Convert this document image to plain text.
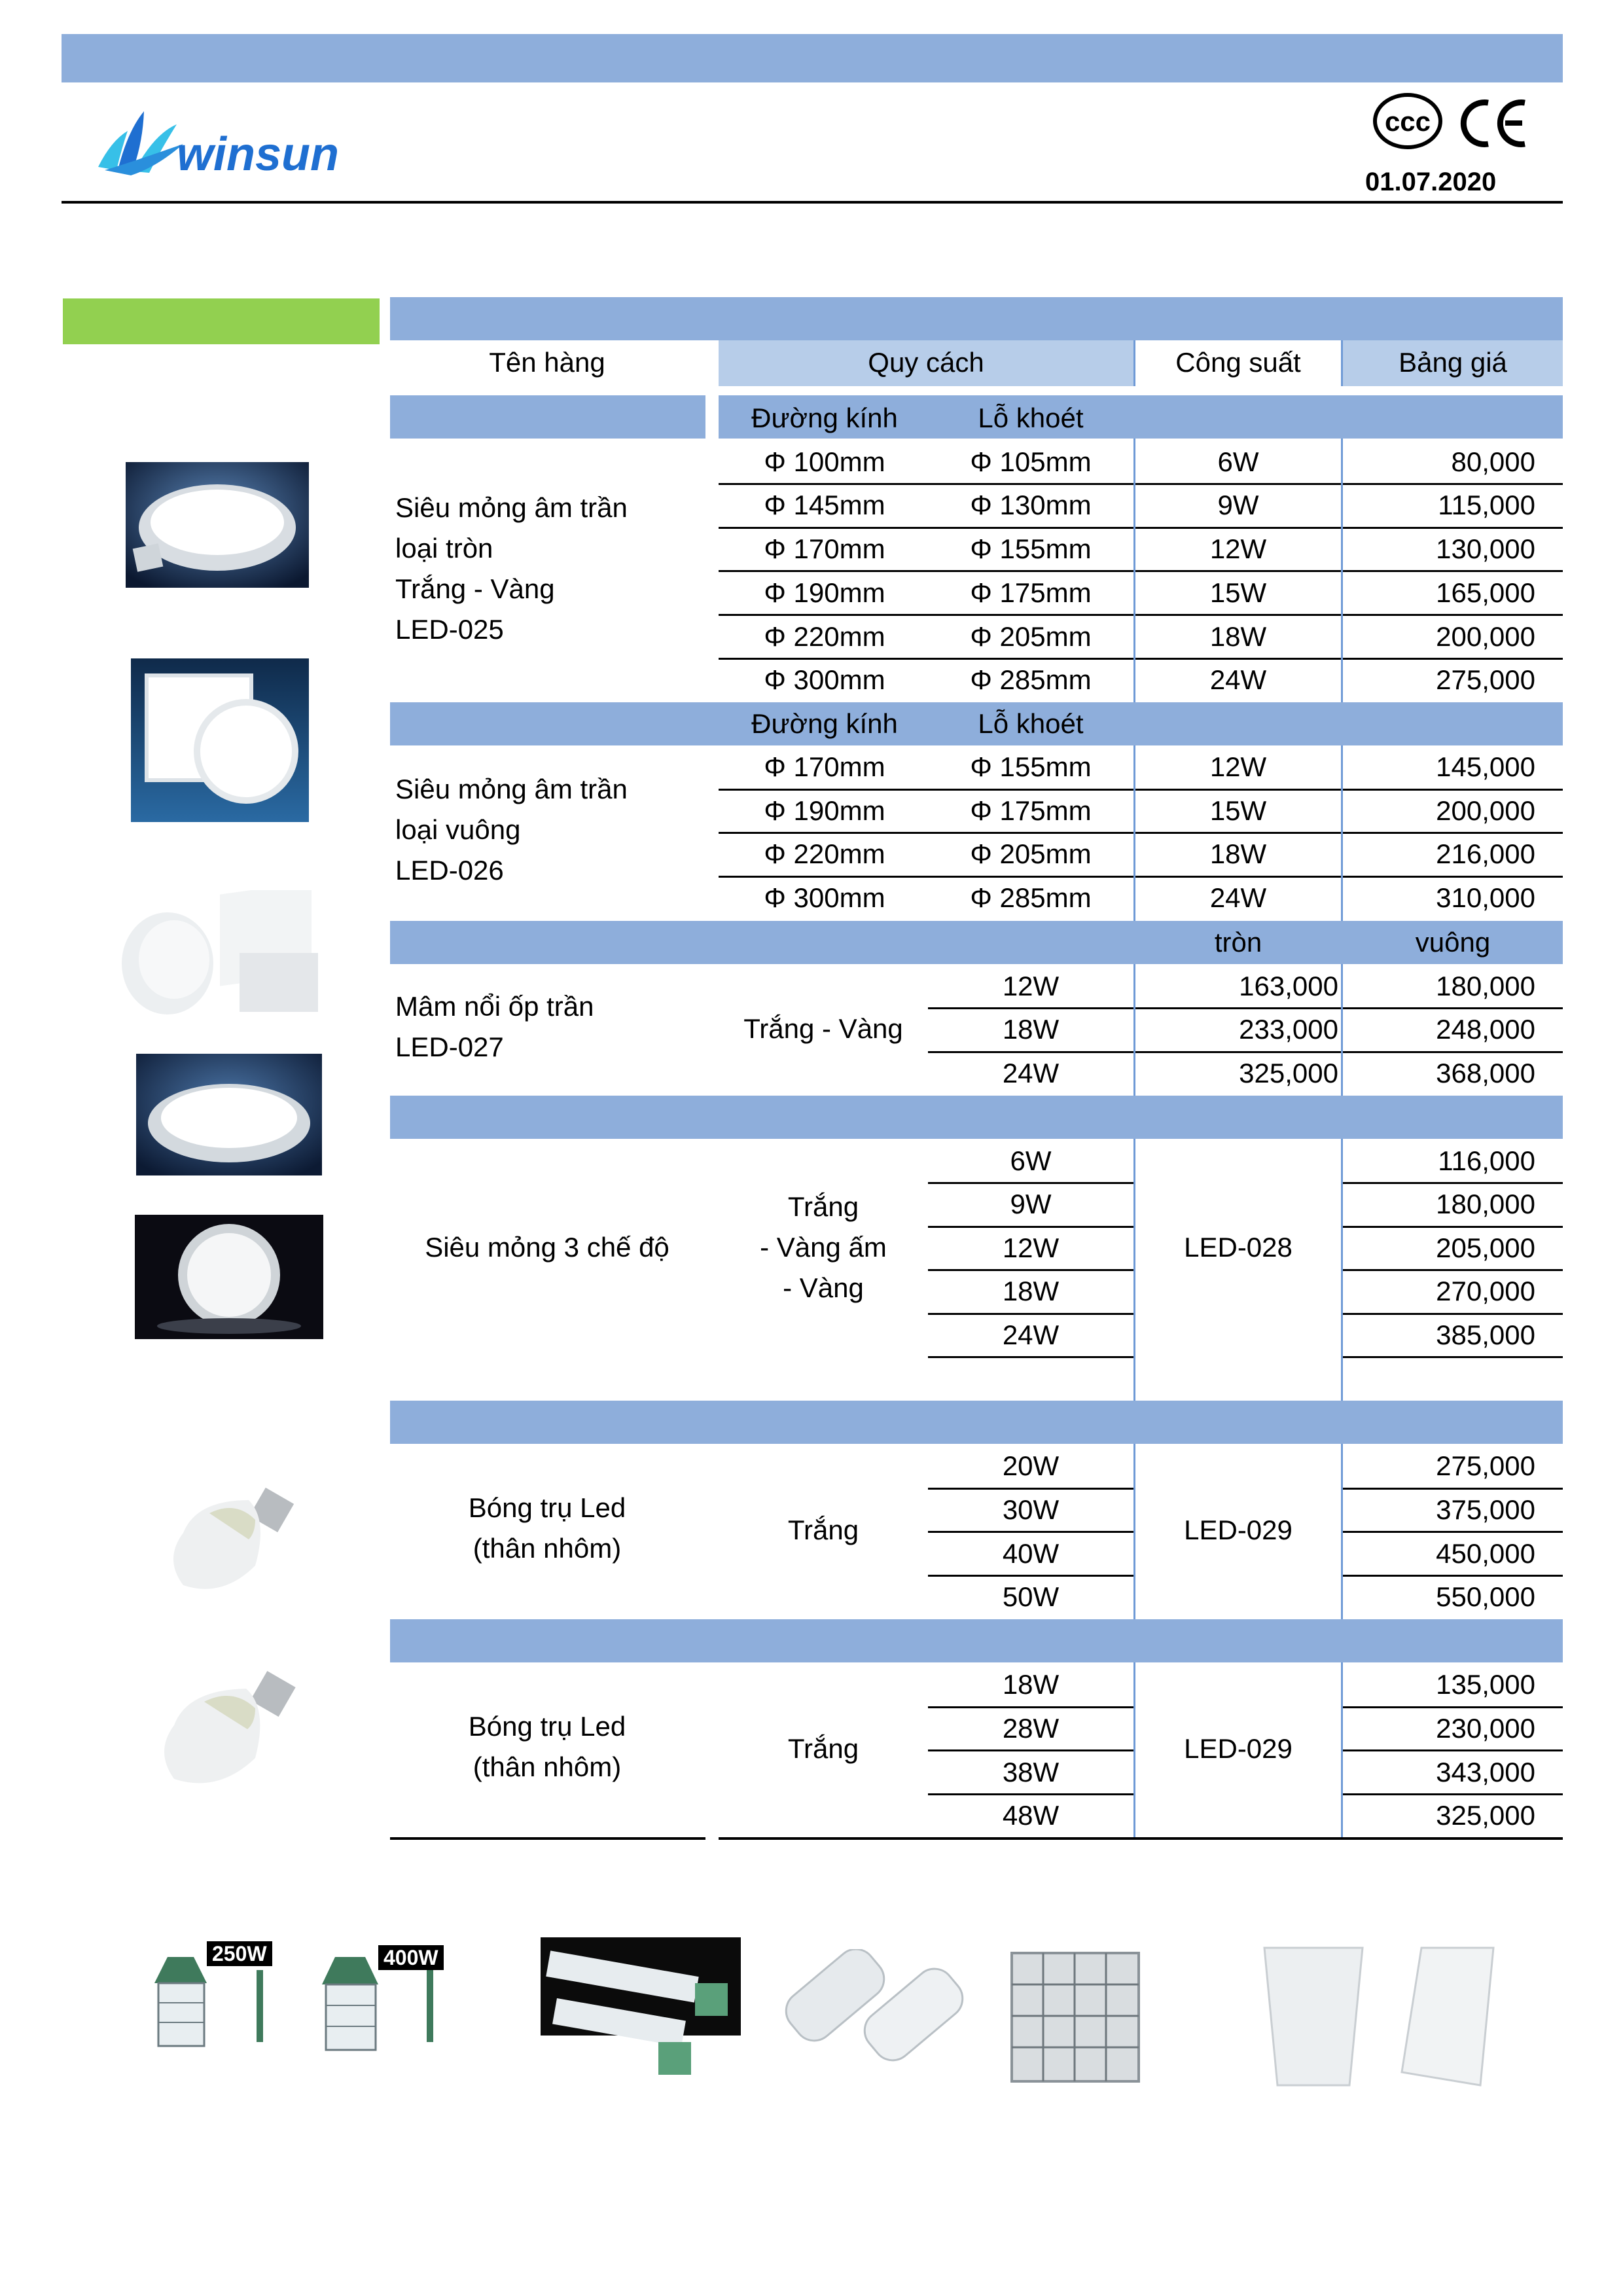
winsun
ccc
01.07.2020
Tên hàng	Quy cách	Công suất	Bảng giá
Đường kính	Lỗ khoét
Siêu mỏng âm trần
loại tròn
Trắng - Vàng
LED-025
Φ 100mm	Φ 105mm	6W	80,000
Φ 145mm	Φ 130mm	9W	115,000
Φ 170mm	Φ 155mm	12W	130,000
Φ 190mm	Φ 175mm	15W	165,000
Φ 220mm	Φ 205mm	18W	200,000
Φ 300mm	Φ 285mm	24W	275,000
Đường kính	Lỗ khoét
Siêu mỏng âm trần
loại vuông
LED-026
Φ 170mm	Φ 155mm	12W	145,000
Φ 190mm	Φ 175mm	15W	200,000
Φ 220mm	Φ 205mm	18W	216,000
Φ 300mm	Φ 285mm	24W	310,000
tròn	vuông
Mâm nổi ốp trần
LED-027
Trắng - Vàng
12W	163,000	180,000
18W	233,000	248,000
24W	325,000	368,000
Siêu mỏng 3 chế độ
Trắng
- Vàng ấm
- Vàng
LED-028
6W	116,000
9W	180,000
12W	205,000
18W	270,000
24W	385,000
Bóng trụ Led
(thân nhôm)
Trắng	LED-029
20W	275,000
30W	375,000
40W	450,000
50W	550,000
Bóng trụ Led
(thân nhôm)
Trắng	LED-029
18W	135,000
28W	230,000
38W	343,000
48W	325,000
250W	400W
